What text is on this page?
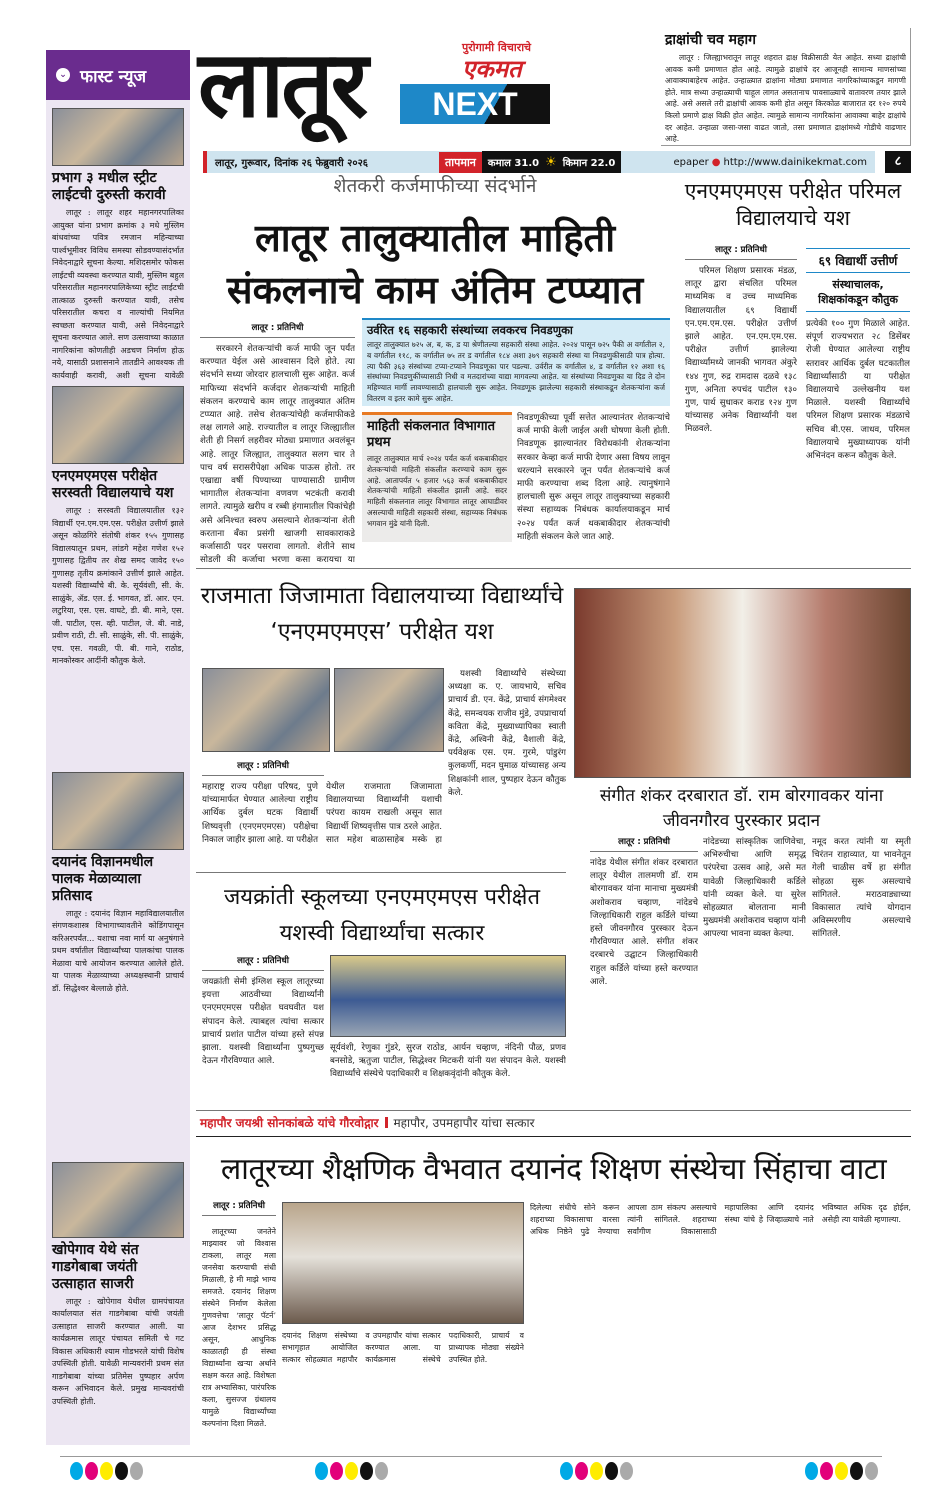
⌄ फास्ट न्यूज
प्रभाग ३ मधील स्ट्रीट लाईटची दुरुस्ती करावी
लातूर : लातूर शहर महानगरपालिका आयुक्त यांना प्रभाग क्रमांक ३ मधे मुस्लिम बांधवांच्या पवित्र रमजान महिन्याच्या पार्श्वभूमीवर विविध समस्या सोडवण्यासंदर्भात निवेदनाद्वारे सूचना केल्या. मशिदसमोर फोकस लाईटची व्यवस्था करण्यात यावी, मुस्लिम बहुल परिसरातील महानगरपालिकेच्या स्ट्रीट लाईटची तात्काळ दुरुस्ती करण्यात यावी, तसेच परिसरातील कचरा व नाल्यांची नियमित स्वच्छता करण्यात यावी, असे निवेदनाद्वारे सूचना करण्यात आले. सण उत्सवाच्या काळात नागरिकांना कोणतीही अडचण निर्माण होऊ नये, यासाठी प्रशासनाने तातडीने आवश्यक ती कार्यवाही करावी, अशी सूचना यावेळी
एनएमएमएस परीक्षेत सरस्वती विद्यालयाचे यश
लातूर : सरस्वती विद्यालयातील १३२ विद्यार्थी एन.एम.एम.एस. परीक्षेत उत्तीर्ण झाले असून कोळगिरे संतोषी शंकर १५५ गुणासह विद्यालयातून प्रथम, लांडगे महेश गणेश १५२ गुणासह द्वितीय तर शेख समद जावेद १५० गुणासह तृतीय क्रमांकाने उत्तीर्ण झाले आहेत. यशस्वी विद्यार्थ्यांचे बी. के. सूर्यवंशी, सी. के. साळुंके, ॲड. एल. ई. भागवत, डॉ. आर. एन. लटुरिया, एस. एस. वाघटे, डी. बी. माने, एस. जी. पाटील, एस. व्ही. पाटील, जे. बी. नाडे, प्रवीण राठी, टी. सी. साळुंके, सी. पी. साळुंके, एच. एस. गवळी, पी. बी. गाने, राठोड, मानकोस्कर आदींनी कौतुक केले.
दयानंद विज्ञानमधील पालक मेळाव्याला प्रतिसाद
लातूर : दयानंद विज्ञान महाविद्यालयातील संगणकशास्त्र विभागाच्यावतीने कोडिंगपासून करिअरपर्यंत... यशाचा नवा मार्ग या अनुषंगाने प्रथम वर्षातील विद्यार्थ्यांच्या पालकांचा पालक मेळावा याचे आयोजन करण्यात आलेले होते. या पालक मेळाव्याच्या अध्यक्षस्थानी प्राचार्य डॉ. सिद्धेश्वर बेल्लाळे होते.
खोपेगाव येथे संत गाडगेबाबा जयंती उत्साहात साजरी
लातूर : खोपेगाव येथील ग्रामपंचायत कार्यालयात संत गाडगेबाबा यांची जयंती उत्साहात साजरी करण्यात आली. या कार्यक्रमास लातूर पंचायत समिती चे गट विकास अधिकारी श्याम गोडभरले यांची विशेष उपस्थिती होती. यावेळी मान्यवरांनी प्रथम संत गाडगेबाबा यांच्या प्रतिमेस पुष्पहार अर्पण करून अभिवादन केले. प्रमुख मान्यवरांची उपस्थिती होती.
लातूर	पुरोगामी विचाराचे
एकमत
NEXT
द्राक्षांची चव महाग
लातूर : जिल्ह्याभरातून लातूर शहरात द्राक्ष विक्रीसाठी येत आहेत. सध्या द्राक्षांची आवक कमी प्रमाणात होत आहे. त्यामुळे द्राक्षांचे दर आजूनही सामान्य माणसांच्या आवाक्याबाहेरच आहेत. उन्हाळ्यात द्राक्षांना मोठ्या प्रमाणात नागरिकांच्याकडून मागणी होते. मात्र सध्या उन्हाळ्याची चाहूल लागत असतानाच पावसाळ्याचे वातावरण तयार झाले आहे. असे असले तरी द्राक्षांची आवक कमी होत असून किरकोळ बाजारात दर १२० रुपये किलो प्रमाणे द्राक्ष विक्री होत आहेत. त्यामुळे सामान्य नागरिकांना आवाक्या बाहेर द्राक्षांचे दर आहेत. उन्हाळा जसा-जसा वाढत जातो, तसा प्रमाणात द्राक्षांमध्ये गोडीचे वाढणार आहे.
लातूर, गुरूवार, दिनांक २६ फेब्रुवारी २०२६	तापमान	कमाल 31.0 ☀ किमान 22.0	epaper ● http://www.dainikekmat.com	८
शेतकरी कर्जमाफीच्या संदर्भाने
लातूर तालुक्यातील माहिती संकलनाचे काम अंतिम टप्प्यात
लातूर : प्रतिनिधी
सरकारने शेतकऱ्यांची कर्ज माफी जून पर्यंत करण्यात येईल असे आश्वासन दिले होते. त्या संदर्भाने सध्या जोरदार हालचाली सुरू आहेत. कर्ज माफिच्या संदर्भाने कर्जदार शेतकऱ्यांची माहिती संकलन करण्याचे काम लातूर तालुक्यात अंतिम टप्प्यात आहे. तसेच शेतकऱ्यांचेही कर्जमाफीकडे लक्ष लागले आहे. राज्यातील व लातूर जिल्ह्यातील शेती ही निसर्ग लहरीवर मोठ्या प्रमाणात अवलंबून आहे. लातूर जिल्ह्यात, तालुक्यात सलग चार ते पाच वर्ष सरासरीपेक्षा अधिक पाऊस होतो. तर एखाद्या वर्षी पिण्याच्या पाण्यासाठी ग्रामीण भागातील शेतकऱ्यांना वणवण भटकंती करावी लागते. त्यामुळे खरीप व रब्बी हंगामातील पिकांचेही असे अनिश्चत स्वरुप असल्याने शेतकऱ्यांना शेती करताना बँका प्रसंगी खाजगी सावकाराकडे कर्जासाठी पदर पसरावा लागतो. शेतीने साथ सोडली की कर्जाचा भरणा कसा करायचा या
उर्वरित १६ सहकारी संस्थांच्या लवकरच निवडणुका
लातूर तालुक्यात ७२५ अ, ब, क, ड या श्रेणीतल्या सहकारी संस्था आहेत. २०२४ पासून ७२५ पैकी अ वर्गातील २, ब वर्गातील ११८, क वर्गातील ७५ तर ड वर्गातील १८४ अशा ३७९ सहकारी संस्था या निवडणुकीसाठी पात्र होत्या. त्या पैकी ३६३ संस्थांच्या टप्या-टप्याने निवडणूका पार पडल्या. उर्वरीत क वर्गातील ४, ड वर्गातील १२ अशा १६ संस्थांच्या निवडणुकींच्यासाठी निधी व मतदारांच्या याद्या मागवल्या आहेत. या संस्थांच्या निवडणुका या दिड ते दोन महिण्यात मार्गी लावण्यासाठी हालचाली सुरू आहेत. निवडणूक झालेल्या सहकारी संस्थाकडून शेतकऱ्यांना कर्ज वितरण व इतर कामे सुरू आहेत.
माहिती संकलनात विभागात प्रथम
लातूर तालुक्यात मार्च २०२४ पर्यंत कर्ज थकबाकीदार शेतकऱ्यांची माहिती संकलीत करण्याचे काम सुरू आहे. आतापर्यंत ५ हजार ५६३ कर्ज थकबाकीदार शेतकऱ्यांची माहिती संकलीत झाली आहे. सदर माहिती संकलनात लातूर विभागात लातूर आघाडीवर असल्याची माहिती सहकारी संस्था, सहाय्यक निबंधक भगवान मुंढे यांनी दिली.
निवडणूकीच्या पूर्वी सत्तेत आल्यानंतर शेतकऱ्यांचे कर्ज माफी केली जाईल अशी घोषणा केली होती. निवडणूक झाल्यानंतर विरोधकांनी शेतकऱ्यांना सरकार केव्हा कर्ज माफी देणार असा विषय लावून धरल्याने सरकारने जून पर्यंत शेतकऱ्यांचे कर्ज माफी करण्याचा शब्द दिला आहे. त्यानुषंगाने हालचाली सुरू असून लातूर तालुक्याच्या सहकारी संस्था सहाय्यक निबंधक कार्यालयाकडून मार्च २०२४ पर्यंत कर्ज थकबाकीदार शेतकऱ्यांची माहिती संकलन केले जात आहे.
एनएमएमएस परीक्षेत परिमल विद्यालयाचे यश
लातूर : प्रतिनिधी
परिमल शिक्षण प्रसारक मंडळ, लातूर द्वारा संचलित परिमल माध्यमिक व उच्च माध्यमिक विद्यालयातील ६९ विद्यार्थी एन.एम.एम.एस. परीक्षेत उत्तीर्ण झाले आहेत. एन.एम.एम.एस. परीक्षेत उत्तीर्ण झालेल्या विद्यार्थ्यांमध्ये जानकी भागवत अंकुरे १४४ गुण, रुद्र रामदास दळवे १३८ गुण, अनिता रुपचंद पाटील १३० गुण, पार्थ सुधाकर कराड १२४ गुण यांच्यासह अनेक विद्यार्थ्यांनी यश मिळवले.
६९ विद्यार्थी उत्तीर्ण
संस्थाचालक, शिक्षकांकडून कौतुक
प्रत्येकी १०० गुण मिळाले आहेत. संपूर्ण राज्यभरात २८ डिसेंबर रोजी घेण्यात आलेल्या राष्ट्रीय स्तरावर आर्थिक दुर्बल घटकातील विद्यार्थ्यांसाठी या परीक्षेत विद्यालयाचे उल्लेखनीय यश मिळाले. यशस्वी विद्यार्थ्यांचे परिमल शिक्षण प्रसारक मंडळाचे सचिव बी.एस. जाधव, परिमल विद्यालयाचे मुख्याध्यापक यांनी अभिनंदन करून कौतुक केले.
राजमाता जिजामाता विद्यालयाच्या विद्यार्थ्यांचे ‘एनएमएमएस’ परीक्षेत यश
लातूर : प्रतिनिधी
महाराष्ट्र राज्य परीक्षा परिषद, पुणे यांच्यामार्फत घेण्यात आलेल्या राष्ट्रीय आर्थिक दुर्बल घटक विद्यार्थी शिष्यवृत्ती (एनएमएमएस) परीक्षेचा निकाल जाहीर झाला आहे. या परीक्षेत येथील राजमाता जिजामाता विद्यालयाच्या विद्यार्थ्यांनी यशाची परंपरा कायम राखली असून सात विद्यार्थी शिष्यवृत्तीस पात्र ठरले आहेत. सात महेश बाळासाहेब मस्के हा
यशस्वी विद्यार्थ्यांचे संस्थेच्या अध्यक्षा क. ए. जायभाये, सचिव प्राचार्य डी. एन. केंद्रे, प्राचार्य संगमेश्वर केंद्रे, समन्वयक राजीव मुंडे, उपप्राचार्या कविता केंद्रे, मुख्याध्यापिका स्वाती केंद्रे, अश्विनी केंद्रे, वैशाली केंद्रे, पर्यवेक्षक एस. एम. गुरमे, पांडुरंग कुलकर्णी, मदन घुमाळ यांच्यासह अन्य शिक्षकांनी शाल, पुष्पहार देऊन कौतुक केले.	संगीत शंकर दरबारात डॉ. राम बोरगावकर यांना जीवनगौरव पुरस्कार प्रदान
लातूर : प्रतिनिधी
नांदेड येथील संगीत शंकर दरबारात लातूर येथील तालमणी डॉ. राम बोरगावकर यांना मानाचा मुख्यमंत्री अशोकराव चव्हाण, नांदेडचे जिल्हाधिकारी राहुल कर्डिले यांच्या हस्ते जीवनगौरव पुरस्कार देऊन गौरविण्यात आले. संगीत शंकर दरबारचे उद्घाटन जिल्हाधिकारी राहुल कर्डिले यांच्या हस्ते करण्यात आले.
नांदेडच्या सांस्कृतिक जाणिवेचा, अभिरुचीचा आणि समृद्ध परंपरेचा उत्सव आहे, असे मत यावेळी जिल्हाधिकारी कर्डिले यांनी व्यक्त केले. या सुरेल सोहळ्यात बोलताना मानी मुख्यमंत्री अशोकराव चव्हाण यांनी आपल्या भावना व्यक्त केल्या.
नमूद करत त्यांनी या स्मृती चिरंतन राहाव्यात, या भावनेतून गेली चाळीस वर्षे हा संगीत सोहळा सुरू असल्याचे सांगितले. मराठवाड्याच्या विकासात त्यांचे योगदान अविस्मरणीय असल्याचे सांगितले.
जयक्रांती स्कूलच्या एनएमएमएस परीक्षेत यशस्वी विद्यार्थ्यांचा सत्कार
लातूर : प्रतिनिधी
जयक्रांती सेमी इंग्लिश स्कूल लातूरच्या इयत्ता आठवीच्या विद्यार्थ्यांनी एनएमएमएस परीक्षेत घवघवीत यश संपादन केले. त्याबद्दल त्यांचा सत्कार प्राचार्य प्रशांत पाटील यांच्या हस्ते संपन्न झाला. यशस्वी विद्यार्थ्यांना पुष्पगुच्छ देऊन गौरविण्यात आले.
सूर्यवंशी, रेणुका गुंडरे, सुरज राठोड, आर्यन चव्हाण, नंदिनी पौळ, प्रणव बनसोडे, ऋतुजा पाटील, सिद्धेश्वर मिटकरी यांनी यश संपादन केले. यशस्वी विद्यार्थ्यांचे संस्थेचे पदाधिकारी व शिक्षकवृंदांनी कौतुक केले.
महापौर जयश्री सोनकांबळे यांचे गौरवोद्गार महापौर, उपमहापौर यांचा सत्कार
लातूरच्या शैक्षणिक वैभवात दयानंद शिक्षण संस्थेचा सिंहाचा वाटा
लातूर : प्रतिनिधी
लातूरच्या जनतेने माझ्यावर जो विश्वास टाकला, लातूर मला जनसेवा करण्याची संधी मिळाली, हे मी माझे भाग्य समजते. दयानंद शिक्षण संस्थेने निर्माण केलेला गुणवत्तेचा ‘लातूर पॅटर्न’ आज देशभर प्रसिद्ध असून, आधुनिक काळातही ही संस्था विद्यार्थ्यांना खऱ्या अर्थाने सक्षम करत आहे. विशेषतः रात्र अभ्यासिका, पारंपरिक कला, सुसज्ज ग्रंथालय यामुळे विद्यार्थ्यांच्या कल्पनांना दिशा मिळते.
दयानंद शिक्षण संस्थेच्या सभागृहात आयोजित सत्कार सोहळ्यात महापौर व उपमहापौर यांचा सत्कार करण्यात आला. या कार्यक्रमास संस्थेचे पदाधिकारी, प्राचार्य व प्राध्यापक मोठ्या संख्येने उपस्थित होते.
दिलेल्या संधीचे सोने करून शहराच्या विकासाचा वारसा अधिक निष्ठेने पुढे नेण्याचा आपला ठाम संकल्प असल्याचे त्यांनी सांगितले. शहराच्या सर्वांगीण विकासासाठी महापालिका आणि दयानंद संस्था यांचे हे जिव्हाळ्याचे नाते भविष्यात अधिक दृढ होईल, असेही त्या यावेळी म्हणाल्या.
